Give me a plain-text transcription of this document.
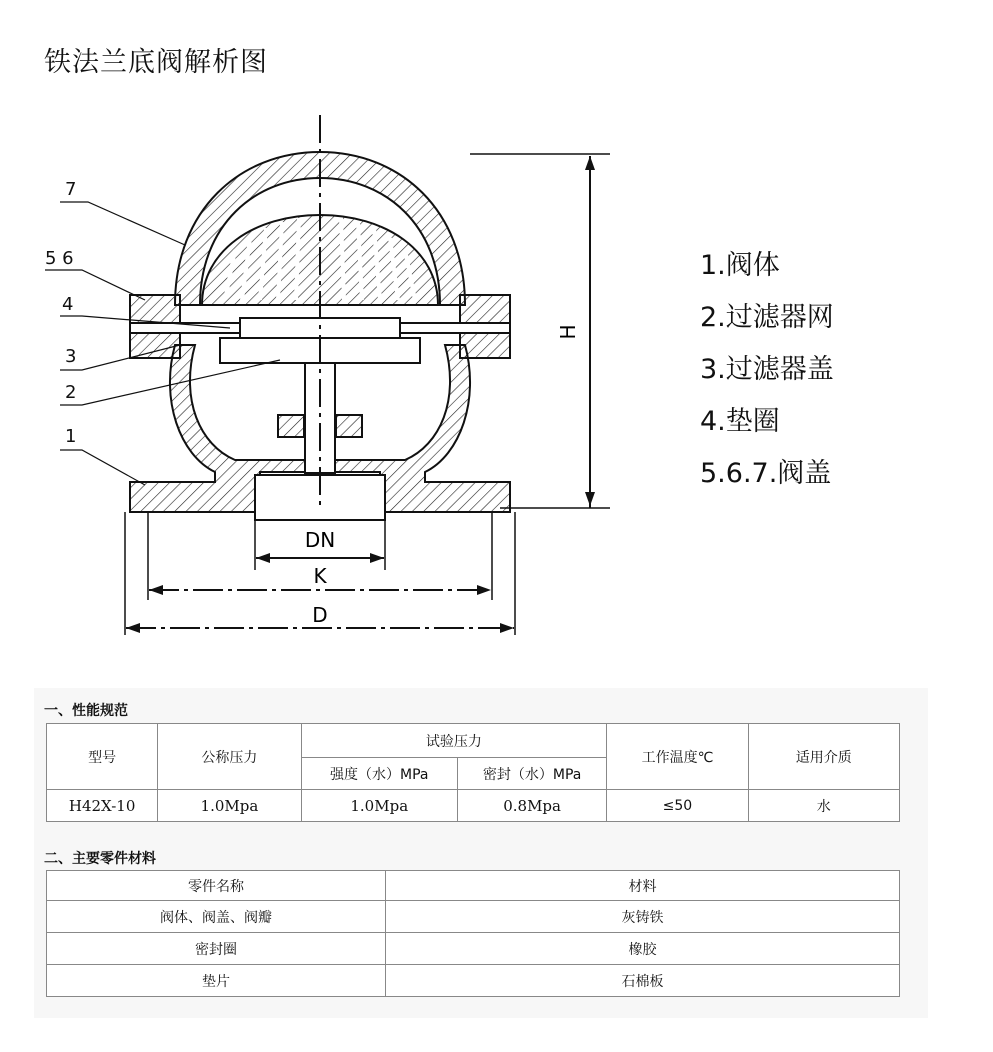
铁法兰底阀解析图
H
DN
K
D
7
5 6
4
3
2
1
1.阀体
2.过滤器网
3.过滤器盖
4.垫圈
5.6.7.阀盖
一、性能规范
型号	公称压力	试验压力		工作温度℃	适用介质
		强度（水）MPa	密封（水）MPa		
H42X-10	1.0Mpa	1.0Mpa	0.8Mpa	≤50	水
二、主要零件材料
零件名称	材料
阀体、阀盖、阀瓣	灰铸铁
密封圈	橡胶
垫片	石棉板
